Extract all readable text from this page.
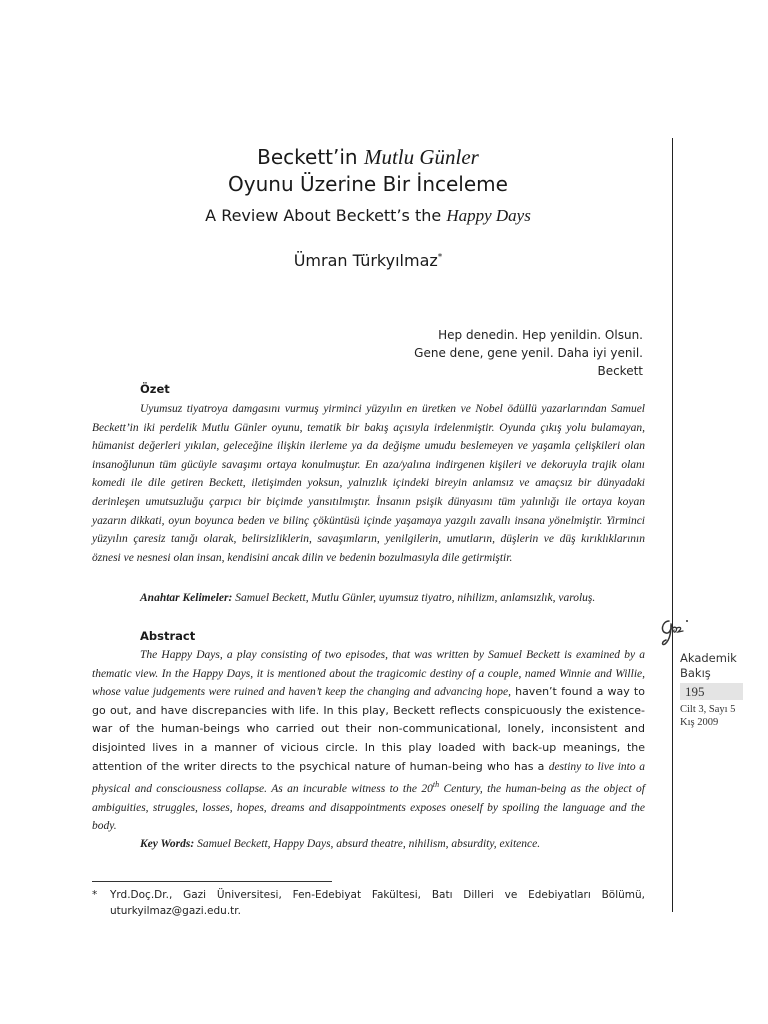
Beckett’in Mutlu Günler
Oyunu Üzerine Bir İnceleme
A Review About Beckett’s the Happy Days
Ümran Türkyılmaz*
Hep denedin. Hep yenildin. Olsun.
Gene dene, gene yenil. Daha iyi yenil.
Beckett
Özet
Uyumsuz tiyatroya damgasını vurmuş yirminci yüzyılın en üretken ve Nobel ödüllü yazarlarından Samuel Beckett’in iki perdelik Mutlu Günler oyunu, tematik bir bakış açısıyla irdelenmiştir. Oyunda çıkış yolu bulamayan, hümanist değerleri yıkılan, geleceğine ilişkin ilerleme ya da değişme umudu beslemeyen ve yaşamla çelişkileri olan insanoğlunun tüm gücüyle savaşımı ortaya konulmuştur. En aza/yalına indirgenen kişileri ve dekoruyla trajik olanı komedi ile dile getiren Beckett, iletişimden yoksun, yalnızlık içindeki bireyin anlamsız ve amaçsız bir dünyadaki derinleşen umutsuzluğu çarpıcı bir biçimde yansıtılmıştır. İnsanın psişik dünyasını tüm yalınlığı ile ortaya koyan yazarın dikkati, oyun boyunca beden ve bilinç çöküntüsü içinde yaşamaya yazgılı zavallı insana yönelmiştir. Yirminci yüzyılın çaresiz tanığı olarak, belirsizliklerin, savaşımların, yenilgilerin, umutların, düşlerin ve düş kırıklıklarının öznesi ve nesnesi olan insan, kendisini ancak dilin ve bedenin bozulmasıyla dile getirmiştir.
Anahtar Kelimeler: Samuel Beckett, Mutlu Günler, uyumsuz tiyatro, nihilizm, anlamsızlık, varoluş.
Abstract
The Happy Days, a play consisting of two episodes, that was written by Samuel Beckett is examined by a thematic view. In the Happy Days, it is mentioned about the tragicomic destiny of a couple, named Winnie and Willie, whose value judgements were ruined and haven’t keep the changing and advancing hope, haven’t found a way to go out, and have discrepancies with life. In this play, Beckett reflects conspicuously the existence-war of the human-beings who carried out their non-communicational, lonely, inconsistent and disjointed lives in a manner of vicious circle. In this play loaded with back-up meanings, the attention of the writer directs to the psychical nature of human-being who has a destiny to live into a physical and consciousness collapse. As an incurable witness to the 20th Century, the human-being as the object of ambiguities, struggles, losses, hopes, dreams and disappointments exposes oneself by spoiling the language and the body.
Key Words: Samuel Beckett, Happy Days, absurd theatre, nihilism, absurdity, exitence.
* Yrd.Doç.Dr., Gazi Üniversitesi, Fen-Edebiyat Fakültesi, Batı Dilleri ve Edebiyatları Bölümü, uturkyilmaz@gazi.edu.tr.
Akademik
Bakış
195
Cilt 3, Sayı 5
Kış 2009
